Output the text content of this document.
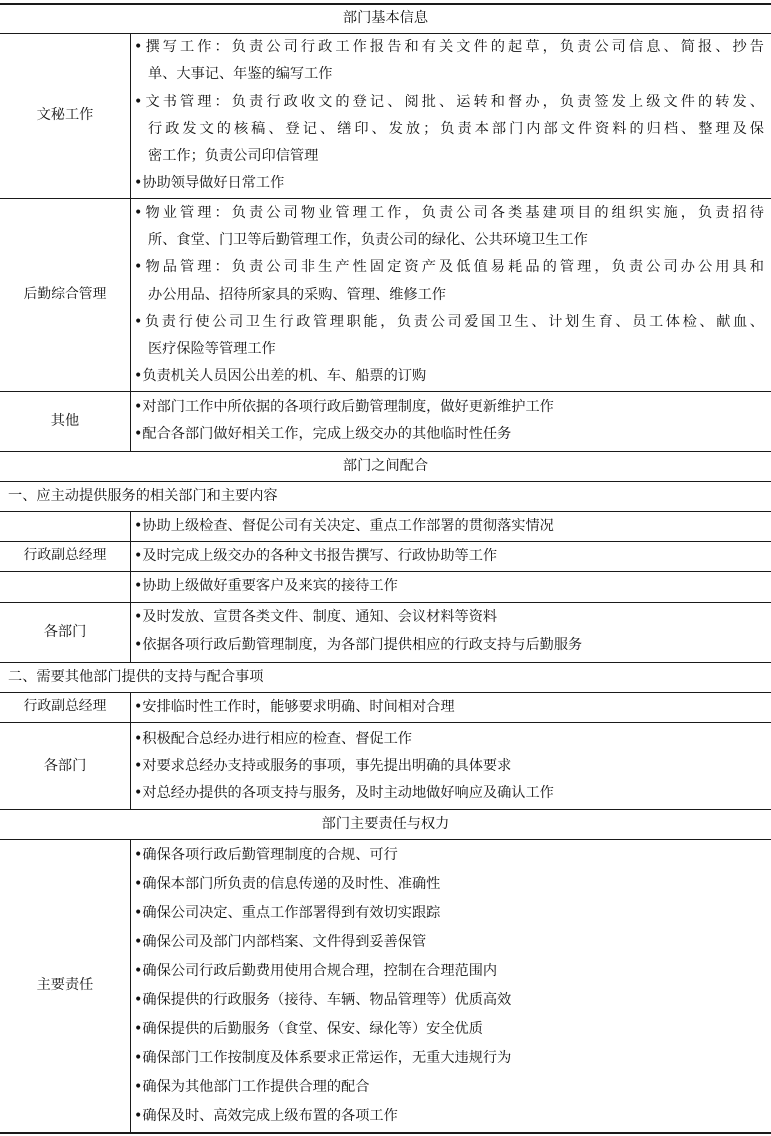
部门基本信息
部门之间配合
部门主要责任与权力
一、应主动提供服务的相关部门和主要内容
二、需要其他部门提供的支持与配合事项
文秘工作
•撰写工作：负责公司行政工作报告和有关文件的起草，负责公司信息、简报、抄告
单、大事记、年鉴的编写工作
•文书管理：负责行政收文的登记、阅批、运转和督办，负责签发上级文件的转发、
行政发文的核稿、登记、缮印、发放；负责本部门内部文件资料的归档、整理及保
密工作；负责公司印信管理
•协助领导做好日常工作
后勤综合管理
•物业管理：负责公司物业管理工作，负责公司各类基建项目的组织实施，负责招待
所、食堂、门卫等后勤管理工作，负责公司的绿化、公共环境卫生工作
•物品管理：负责公司非生产性固定资产及低值易耗品的管理，负责公司办公用具和
办公用品、招待所家具的采购、管理、维修工作
•负责行使公司卫生行政管理职能，负责公司爱国卫生、计划生育、员工体检、献血、
医疗保险等管理工作
•负责机关人员因公出差的机、车、船票的订购
其他
•对部门工作中所依据的各项行政后勤管理制度，做好更新维护工作
•配合各部门做好相关工作，完成上级交办的其他临时性任务
行政副总经理
•协助上级检查、督促公司有关决定、重点工作部署的贯彻落实情况
•及时完成上级交办的各种文书报告撰写、行政协助等工作
•协助上级做好重要客户及来宾的接待工作
各部门
•及时发放、宣贯各类文件、制度、通知、会议材料等资料
•依据各项行政后勤管理制度，为各部门提供相应的行政支持与后勤服务
行政副总经理	•安排临时性工作时，能够要求明确、时间相对合理
各部门
•积极配合总经办进行相应的检查、督促工作
•对要求总经办支持或服务的事项，事先提出明确的具体要求
•对总经办提供的各项支持与服务，及时主动地做好响应及确认工作
主要责任
•确保各项行政后勤管理制度的合规、可行
•确保本部门所负责的信息传递的及时性、准确性
•确保公司决定、重点工作部署得到有效切实跟踪
•确保公司及部门内部档案、文件得到妥善保管
•确保公司行政后勤费用使用合规合理，控制在合理范围内
•确保提供的行政服务（接待、车辆、物品管理等）优质高效
•确保提供的后勤服务（食堂、保安、绿化等）安全优质
•确保部门工作按制度及体系要求正常运作，无重大违规行为
•确保为其他部门工作提供合理的配合
•确保及时、高效完成上级布置的各项工作
